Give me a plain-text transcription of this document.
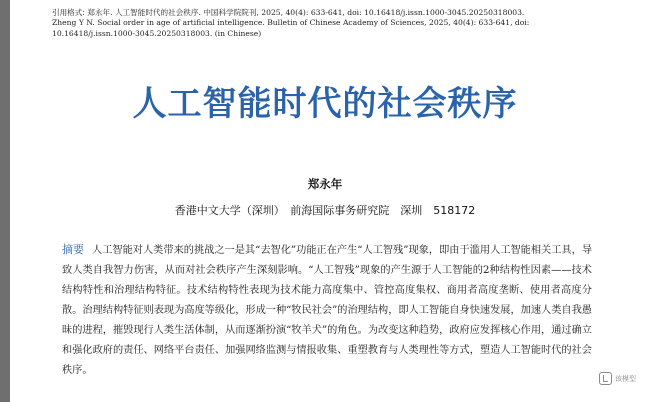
引用格式: 郑永年. 人工智能时代的社会秩序. 中国科学院院刊, 2025, 40(4): 633-641, doi: 10.16418/j.issn.1000-3045.20250318003.
Zheng Y N. Social order in age of artificial intelligence. Bulletin of Chinese Academy of Sciences, 2025, 40(4): 633-641, doi: 10.16418/j.issn.1000-3045.20250318003. (in Chinese)
人工智能时代的社会秩序
郑永年
香港中文大学（深圳）　前海国际事务研究院　深圳　518172
摘要 人工智能对人类带来的挑战之一是其“去智化”功能正在产生“人工智残”现象，即由于滥用人工智能相关工具，导致人类自我智力伤害，从而对社会秩序产生深刻影响。“人工智残”现象的产生源于人工智能的2种结构性因素——技术结构特性和治理结构特征。技术结构特性表现为技术能力高度集中、管控高度集权、商用者高度垄断、使用者高度分散。治理结构特征则表现为高度等级化，形成一种“牧民社会”的治理结构，即人工智能自身快速发展，加速人类自我愚昧的进程，摧毁现行人类生活体制，从而逐渐扮演“牧羊犬”的角色。为改变这种趋势，政府应发挥核心作用，通过确立和强化政府的责任、网络平台责任、加强网络监测与情报收集、重塑教育与人类理性等方式，塑造人工智能时代的社会秩序。
该模型
